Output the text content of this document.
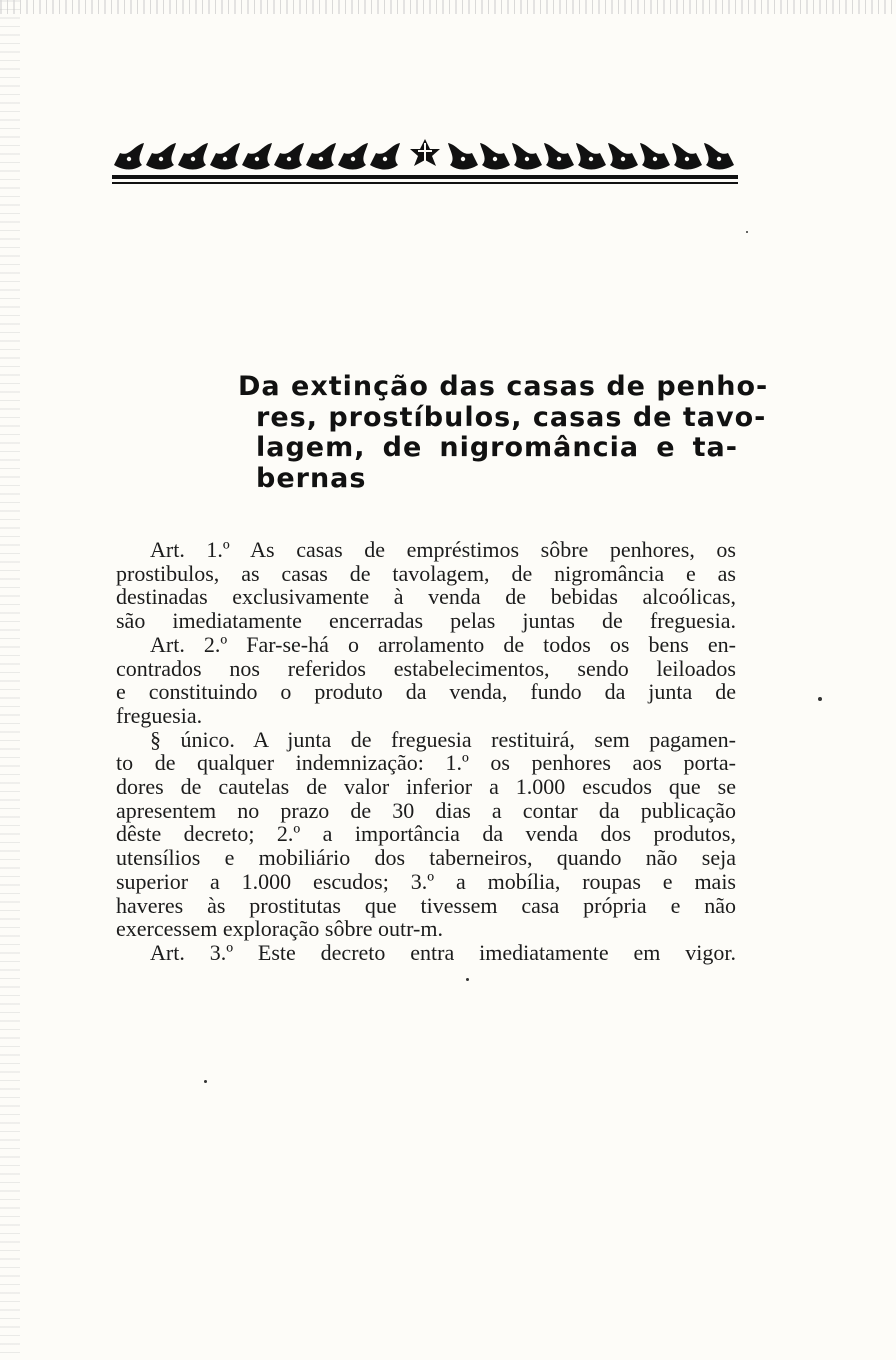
Da extinção das casas de penho-
res, prostíbulos, casas de tavo-
lagem, de nigromância e ta-
bernas
Art. 1.º As casas de empréstimos sôbre penhores, os
prostibulos, as casas de tavolagem, de nigromância e as
destinadas exclusivamente à venda de bebidas alcoólicas,
são imediatamente encerradas pelas juntas de freguesia.
Art. 2.º Far-se-há o arrolamento de todos os bens en-
contrados nos referidos estabelecimentos, sendo leiloados
e constituindo o produto da venda, fundo da junta de
freguesia.
§ único. A junta de freguesia restituirá, sem pagamen-
to de qualquer indemnização: 1.º os penhores aos porta-
dores de cautelas de valor inferior a 1.000 escudos que se
apresentem no prazo de 30 dias a contar da publicação
dêste decreto; 2.º a importância da venda dos produtos,
utensílios e mobiliário dos taberneiros, quando não seja
superior a 1.000 escudos; 3.º a mobília, roupas e mais
haveres às prostitutas que tivessem casa própria e não
exercessem exploração sôbre outr-m.
Art. 3.º Este decreto entra imediatamente em vigor.
